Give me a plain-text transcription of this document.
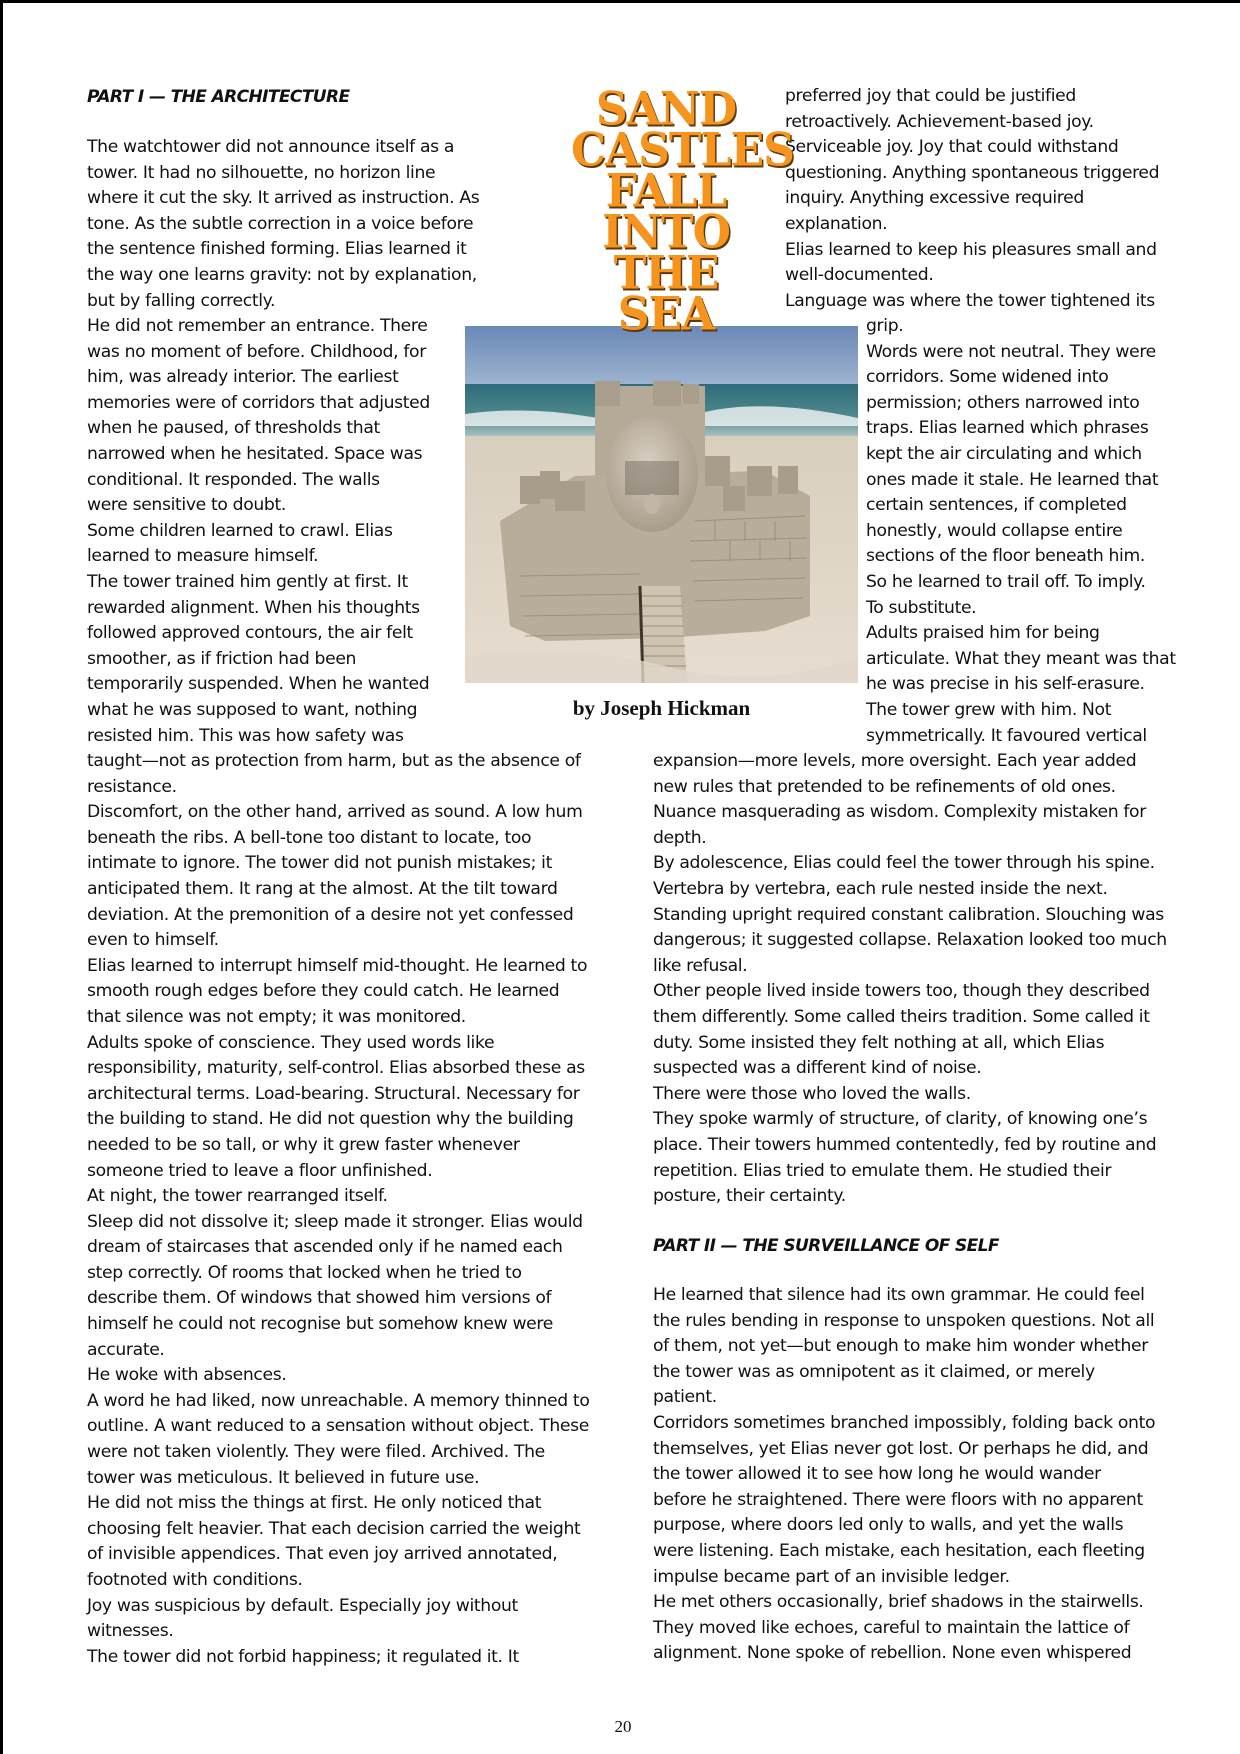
PART I — THE ARCHITECTURE
The watchtower did not announce itself as a
tower. It had no silhouette, no horizon line
where it cut the sky. It arrived as instruction. As
tone. As the subtle correction in a voice before
the sentence finished forming. Elias learned it
the way one learns gravity: not by explanation,
but by falling correctly.
He did not remember an entrance. There
was no moment of before. Childhood, for
him, was already interior. The earliest
memories were of corridors that adjusted
when he paused, of thresholds that
narrowed when he hesitated. Space was
conditional. It responded. The walls
were sensitive to doubt.
Some children learned to crawl. Elias
learned to measure himself.
The tower trained him gently at first. It
rewarded alignment. When his thoughts
followed approved contours, the air felt
smoother, as if friction had been
temporarily suspended. When he wanted
what he was supposed to want, nothing
resisted him. This was how safety was
taught—not as protection from harm, but as the absence of
resistance.
Discomfort, on the other hand, arrived as sound. A low hum
beneath the ribs. A bell-tone too distant to locate, too
intimate to ignore. The tower did not punish mistakes; it
anticipated them. It rang at the almost. At the tilt toward
deviation. At the premonition of a desire not yet confessed
even to himself.
Elias learned to interrupt himself mid-thought. He learned to
smooth rough edges before they could catch. He learned
that silence was not empty; it was monitored.
Adults spoke of conscience. They used words like
responsibility, maturity, self-control. Elias absorbed these as
architectural terms. Load-bearing. Structural. Necessary for
the building to stand. He did not question why the building
needed to be so tall, or why it grew faster whenever
someone tried to leave a floor unfinished.
At night, the tower rearranged itself.
Sleep did not dissolve it; sleep made it stronger. Elias would
dream of staircases that ascended only if he named each
step correctly. Of rooms that locked when he tried to
describe them. Of windows that showed him versions of
himself he could not recognise but somehow knew were
accurate.
He woke with absences.
A word he had liked, now unreachable. A memory thinned to
outline. A want reduced to a sensation without object. These
were not taken violently. They were filed. Archived. The
tower was meticulous. It believed in future use.
He did not miss the things at first. He only noticed that
choosing felt heavier. That each decision carried the weight
of invisible appendices. That even joy arrived annotated,
footnoted with conditions.
Joy was suspicious by default. Especially joy without
witnesses.
The tower did not forbid happiness; it regulated it. It
SAND
CASTLES
FALL
INTO
THE
SEA
by Joseph Hickman
preferred joy that could be justified
retroactively. Achievement-based joy.
Serviceable joy. Joy that could withstand
questioning. Anything spontaneous triggered
inquiry. Anything excessive required
explanation.
Elias learned to keep his pleasures small and
well-documented.
Language was where the tower tightened its
grip.
Words were not neutral. They were
corridors. Some widened into
permission; others narrowed into
traps. Elias learned which phrases
kept the air circulating and which
ones made it stale. He learned that
certain sentences, if completed
honestly, would collapse entire
sections of the floor beneath him.
So he learned to trail off. To imply.
To substitute.
Adults praised him for being
articulate. What they meant was that
he was precise in his self-erasure.
The tower grew with him. Not
symmetrically. It favoured vertical
expansion—more levels, more oversight. Each year added
new rules that pretended to be refinements of old ones.
Nuance masquerading as wisdom. Complexity mistaken for
depth.
By adolescence, Elias could feel the tower through his spine.
Vertebra by vertebra, each rule nested inside the next.
Standing upright required constant calibration. Slouching was
dangerous; it suggested collapse. Relaxation looked too much
like refusal.
Other people lived inside towers too, though they described
them differently. Some called theirs tradition. Some called it
duty. Some insisted they felt nothing at all, which Elias
suspected was a different kind of noise.
There were those who loved the walls.
They spoke warmly of structure, of clarity, of knowing one’s
place. Their towers hummed contentedly, fed by routine and
repetition. Elias tried to emulate them. He studied their
posture, their certainty.
PART II — THE SURVEILLANCE OF SELF
He learned that silence had its own grammar. He could feel
the rules bending in response to unspoken questions. Not all
of them, not yet—but enough to make him wonder whether
the tower was as omnipotent as it claimed, or merely
patient.
Corridors sometimes branched impossibly, folding back onto
themselves, yet Elias never got lost. Or perhaps he did, and
the tower allowed it to see how long he would wander
before he straightened. There were floors with no apparent
purpose, where doors led only to walls, and yet the walls
were listening. Each mistake, each hesitation, each fleeting
impulse became part of an invisible ledger.
He met others occasionally, brief shadows in the stairwells.
They moved like echoes, careful to maintain the lattice of
alignment. None spoke of rebellion. None even whispered
20
